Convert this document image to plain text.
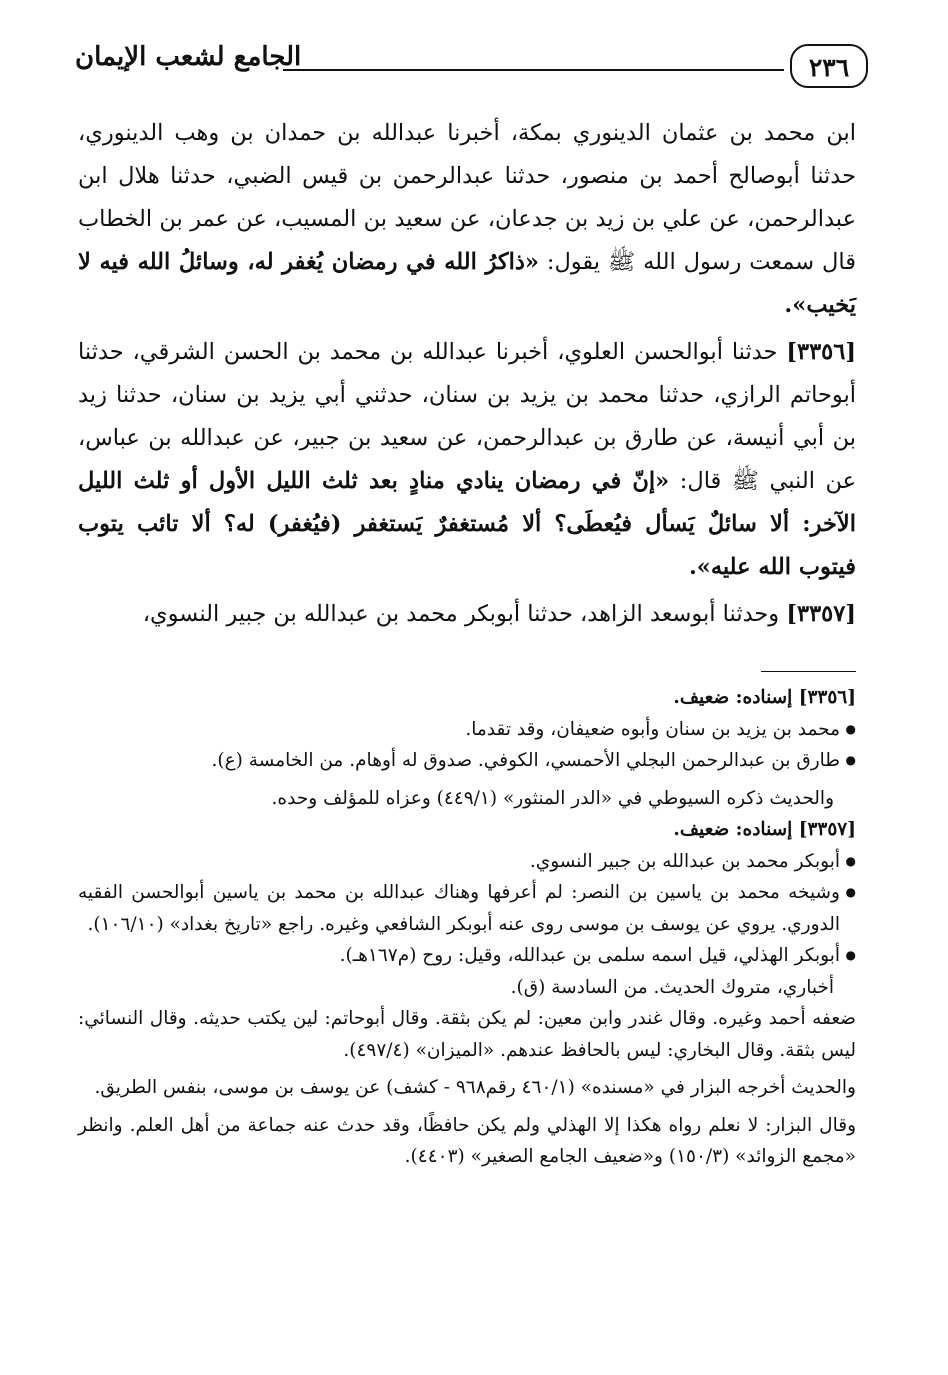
٢٣٦
الجامع لشعب الإيمان

ابن محمد بن عثمان الدينوري بمكة، أخبرنا عبدالله بن حمدان بن وهب الدينوري، حدثنا أبوصالح أحمد بن منصور، حدثنا عبدالرحمن بن قيس الضبي، حدثنا هلال ابن عبدالرحمن، عن علي بن زيد بن جدعان، عن سعيد بن المسيب، عن عمر بن الخطاب قال سمعت رسول الله ﷺ يقول: «ذاكرُ الله في رمضان يُغفر له، وسائلُ الله فيه لا يَخيب».

[٣٣٥٦] حدثنا أبوالحسن العلوي، أخبرنا عبدالله بن محمد بن الحسن الشرقي، حدثنا أبوحاتم الرازي، حدثنا محمد بن يزيد بن سنان، حدثني أبي يزيد بن سنان، حدثنا زيد بن أبي أنيسة، عن طارق بن عبدالرحمن، عن سعيد بن جبير، عن عبدالله بن عباس، عن النبي ﷺ قال: «إنّ في رمضان ينادي منادٍ بعد ثلث الليل الأول أو ثلث الليل الآخر: ألا سائلٌ يَسأل فيُعطَى؟ ألا مُستغفرٌ يَستغفر (فيُغفر) له؟ ألا تائب يتوب فيتوب الله عليه».

[٣٣٥٧] وحدثنا أبوسعد الزاهد، حدثنا أبوبكر محمد بن عبدالله بن جبير النسوي،

[٣٣٥٦] إسناده: ضعيف.

● محمد بن يزيد بن سنان وأبوه ضعيفان، وقد تقدما.

● طارق بن عبدالرحمن البجلي الأحمسي، الكوفي. صدوق له أوهام. من الخامسة (ع).

والحديث ذكره السيوطي في «الدر المنثور» (٤٤٩/١) وعزاه للمؤلف وحده.

[٣٣٥٧] إسناده: ضعيف.

● أبوبكر محمد بن عبدالله بن جبير النسوي.

● وشيخه محمد بن ياسين بن النصر: لم أعرفها وهناك عبدالله بن محمد بن ياسين أبوالحسن الفقيه الدوري. يروي عن يوسف بن موسى روى عنه أبوبكر الشافعي وغيره. راجع «تاريخ بغداد» (١٠٦/١٠).

● أبوبكر الهذلي، قيل اسمه سلمى بن عبدالله، وقيل: روح (م١٦٧هـ).

أخباري، متروك الحديث. من السادسة (ق).

ضعفه أحمد وغيره. وقال غندر وابن معين: لم يكن بثقة. وقال أبوحاتم: لين يكتب حديثه. وقال النسائي: ليس بثقة. وقال البخاري: ليس بالحافظ عندهم. «الميزان» (٤٩٧/٤).

والحديث أخرجه البزار في «مسنده» (٤٦٠/١ رقم٩٦٨ - كشف) عن يوسف بن موسى، بنفس الطريق.

وقال البزار: لا نعلم رواه هكذا إلا الهذلي ولم يكن حافظًا، وقد حدث عنه جماعة من أهل العلم. وانظر «مجمع الزوائد» (١٥٠/٣) و«ضعيف الجامع الصغير» (٤٤٠٣).
